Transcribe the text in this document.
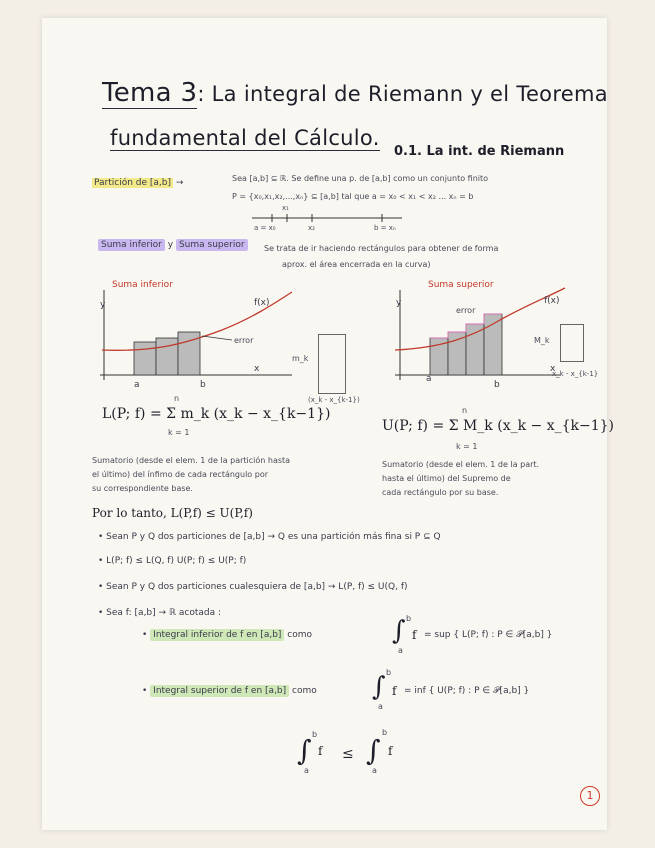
Tema 3: La integral de Riemann y el Teorema
fundamental del Cálculo.
0.1. La int. de Riemann
Partición de [a,b] →	Sea [a,b] ⊆ ℝ. Se define una p. de [a,b] como un conjunto finito
P = {x₀,x₁,x₂,...,xₙ} ⊆ [a,b] tal que a = x₀ < x₁ < x₂ ... xₙ = b
x₁
a = x₀	x₂	b = xₙ
Suma inferior y Suma superior	Se trata de ir haciendo rectángulos para obtener de forma
aprox. el área encerrada en la curva)
Suma inferior
y	f(x)
error
x
a	b
m_k
(x_k - x_{k-1})
Suma superior
y	f(x)
error
x
a
b
M_k
x_k - x_{k-1}
L(P; f) = Σ m_k (x_k − x_{k−1})
n
k = 1	U(P; f) = Σ M_k (x_k − x_{k−1})
n
k = 1
Sumatorio (desde el elem. 1 de la partición hasta
el último) del ínfimo de cada rectángulo por
su correspondiente base.
Sumatorio (desde el elem. 1 de la part.
hasta el último) del Supremo de
cada rectángulo por su base.
Por lo tanto, L(P,f) ≤ U(P,f)
• Sean P y Q dos particiones de [a,b] → Q es una partición más fina si P ⊆ Q
• L(P; f) ≤ L(Q, f) U(P; f) ≤ U(P; f)
• Sean P y Q dos particiones cualesquiera de [a,b] → L(P, f) ≤ U(Q, f)
• Sea f: [a,b] → ℝ acotada :
• Integral inferior de f en [a,b] como	∫ b
a
f = sup { L(P; f) : P ∈ 𝒫[a,b] }
• Integral superior de f en [a,b] como ∫ b
a
f = inf { U(P; f) : P ∈ 𝒫[a,b] }
∫ b
a
f ≤ ∫
b
a
f
1
